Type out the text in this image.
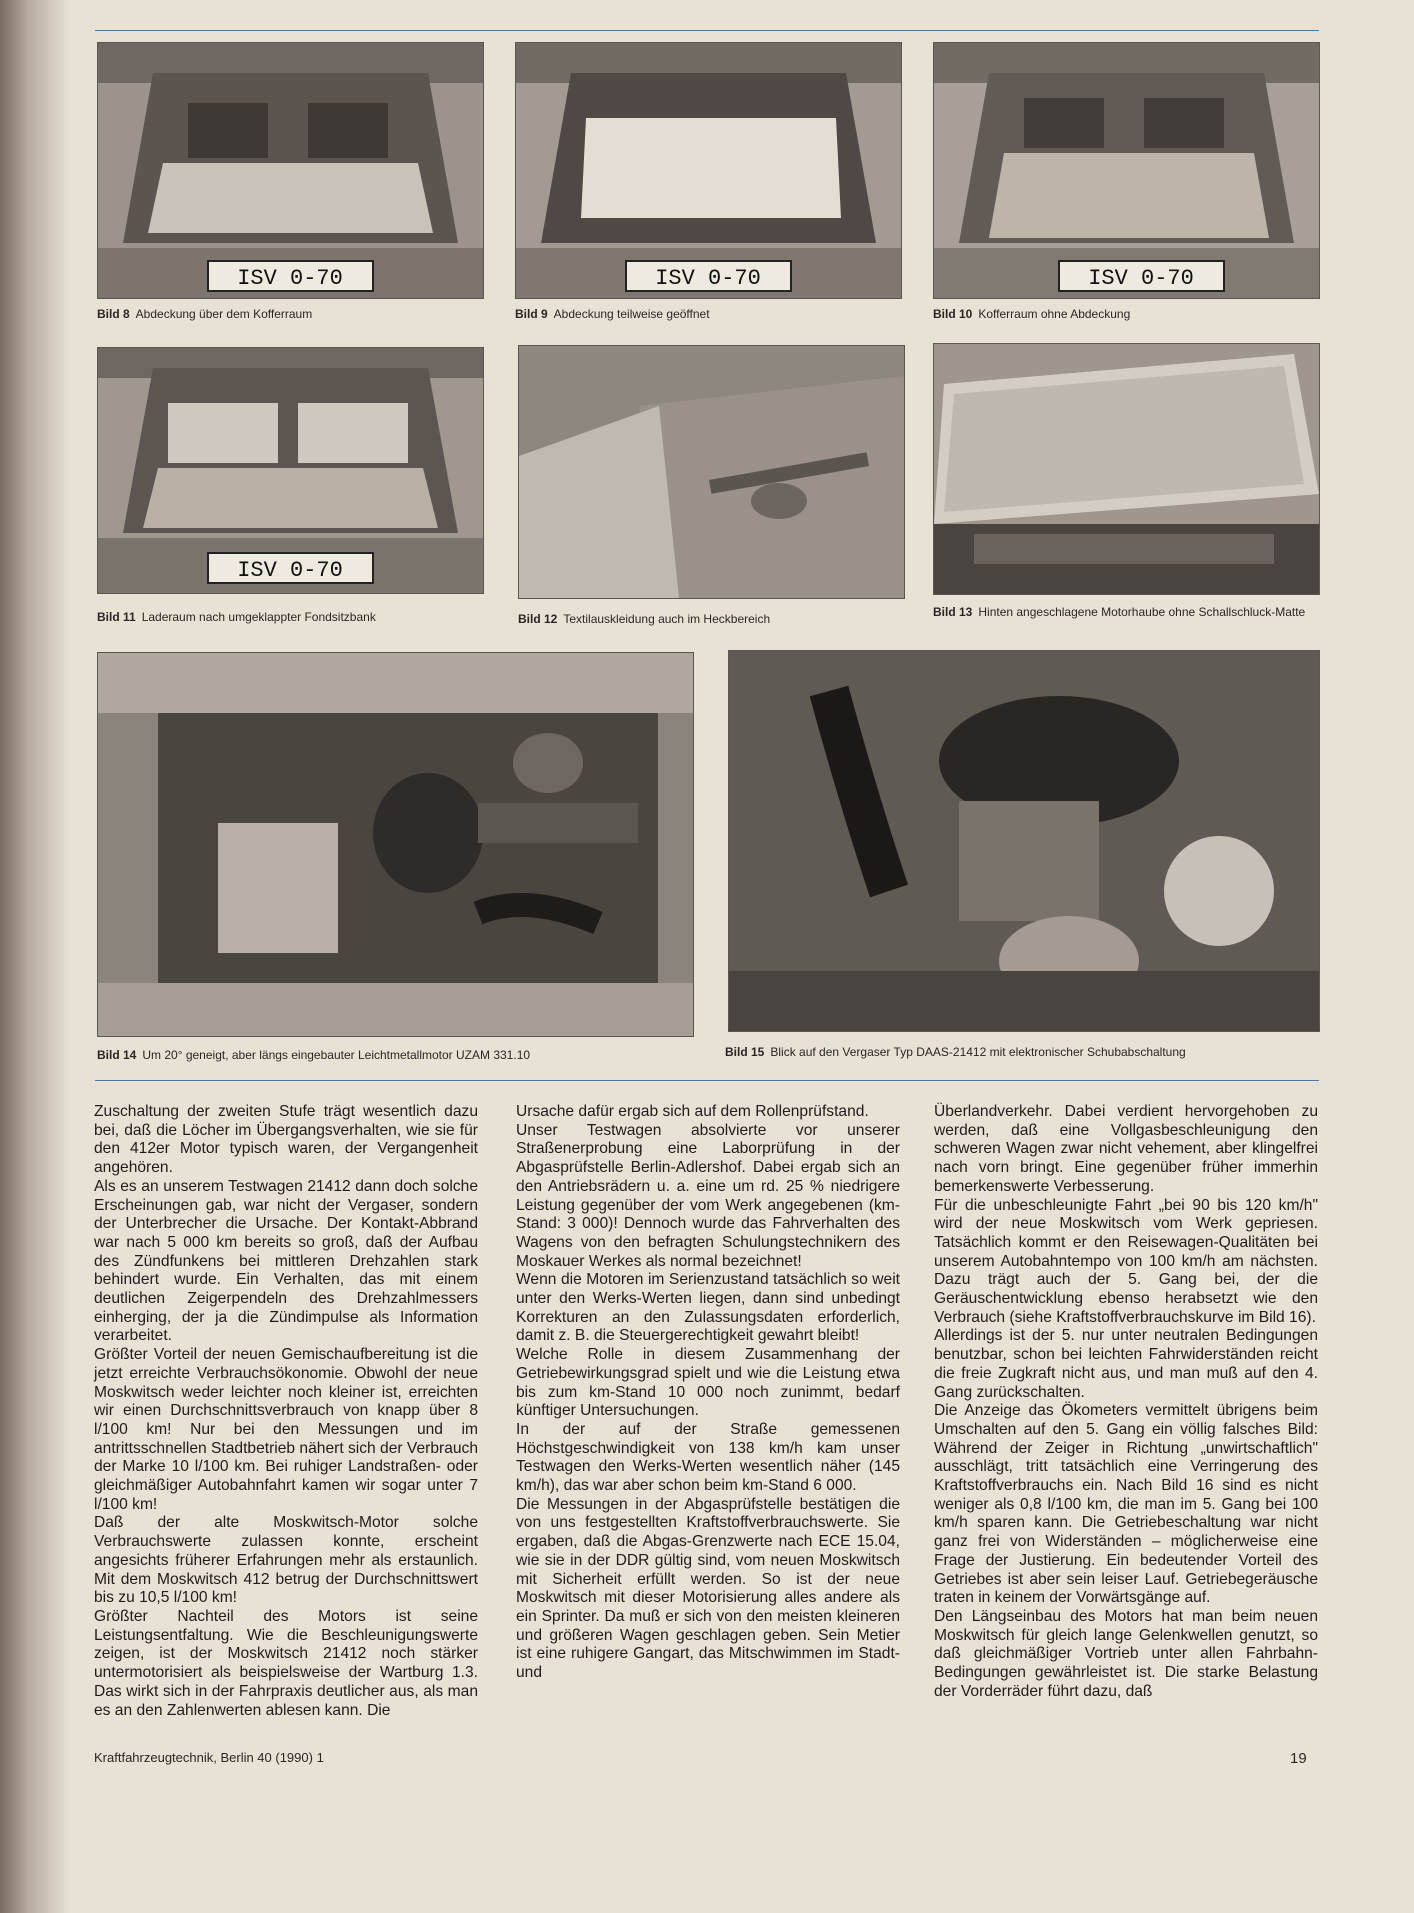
ISV 0-70	ISV 0-70	ISV 0-70
Bild 8 Abdeckung über dem Kofferraum	Bild 9 Abdeckung teilweise geöffnet	Bild 10 Kofferraum ohne Abdeckung
ISV 0-70
Bild 11 Laderaum nach umgeklappter Fondsitzbank	Bild 12 Textilauskleidung auch im Heckbereich	Bild 13 Hinten angeschlagene Motorhaube ohne Schallschluck-Matte
Bild 14 Um 20° geneigt, aber längs eingebauter Leichtmetallmotor UZAM 331.10	Bild 15 Blick auf den Vergaser Typ DAAS-21412 mit elektronischer Schubabschaltung

Zuschaltung der zweiten Stufe trägt wesentlich dazu bei, daß die Löcher im Übergangsverhalten, wie sie für den 412er Motor typisch waren, der Vergangenheit angehören.

Als es an unserem Testwagen 21412 dann doch solche Erscheinungen gab, war nicht der Vergaser, sondern der Unterbrecher die Ursache. Der Kontakt-Abbrand war nach 5 000 km bereits so groß, daß der Aufbau des Zündfunkens bei mittleren Drehzahlen stark behindert wurde. Ein Verhalten, das mit einem deutlichen Zeigerpendeln des Drehzahlmessers einherging, der ja die Zündimpulse als Information verarbeitet.

Größter Vorteil der neuen Gemischaufbereitung ist die jetzt erreichte Verbrauchsökonomie. Obwohl der neue Moskwitsch weder leichter noch kleiner ist, erreichten wir einen Durchschnittsverbrauch von knapp über 8 l/100 km! Nur bei den Messungen und im antrittsschnellen Stadtbetrieb nähert sich der Verbrauch der Marke 10 l/100 km. Bei ruhiger Landstraßen- oder gleichmäßiger Autobahnfahrt kamen wir sogar unter 7 l/100 km!

Daß der alte Moskwitsch-Motor solche Verbrauchswerte zulassen konnte, erscheint angesichts früherer Erfahrungen mehr als erstaunlich. Mit dem Moskwitsch 412 betrug der Durchschnittswert bis zu 10,5 l/100 km!

Größter Nachteil des Motors ist seine Leistungsentfaltung. Wie die Beschleunigungswerte zeigen, ist der Moskwitsch 21412 noch stärker untermotorisiert als beispielsweise der Wartburg 1.3. Das wirkt sich in der Fahrpraxis deutlicher aus, als man es an den Zahlenwerten ablesen kann. Die

Ursache dafür ergab sich auf dem Rollenprüfstand.

Unser Testwagen absolvierte vor unserer Straßenerprobung eine Laborprüfung in der Abgasprüfstelle Berlin-Adlershof. Dabei ergab sich an den Antriebsrädern u. a. eine um rd. 25 % niedrigere Leistung gegenüber der vom Werk angegebenen (km-Stand: 3 000)! Dennoch wurde das Fahrverhalten des Wagens von den befragten Schulungstechnikern des Moskauer Werkes als normal bezeichnet!

Wenn die Motoren im Serienzustand tatsächlich so weit unter den Werks-Werten liegen, dann sind unbedingt Korrekturen an den Zulassungsdaten erforderlich, damit z. B. die Steuergerechtigkeit gewahrt bleibt!

Welche Rolle in diesem Zusammenhang der Getriebewirkungsgrad spielt und wie die Leistung etwa bis zum km-Stand 10 000 noch zunimmt, bedarf künftiger Untersuchungen.

In der auf der Straße gemessenen Höchstgeschwindigkeit von 138 km/h kam unser Testwagen den Werks-Werten wesentlich näher (145 km/h), das war aber schon beim km-Stand 6 000.

Die Messungen in der Abgasprüfstelle bestätigen die von uns festgestellten Kraftstoffverbrauchswerte. Sie ergaben, daß die Abgas-Grenzwerte nach ECE 15.04, wie sie in der DDR gültig sind, vom neuen Moskwitsch mit Sicherheit erfüllt werden. So ist der neue Moskwitsch mit dieser Motorisierung alles andere als ein Sprinter. Da muß er sich von den meisten kleineren und größeren Wagen geschlagen geben. Sein Metier ist eine ruhigere Gangart, das Mitschwimmen im Stadt- und

Überlandverkehr. Dabei verdient hervorgehoben zu werden, daß eine Vollgasbeschleunigung den schweren Wagen zwar nicht vehement, aber klingelfrei nach vorn bringt. Eine gegenüber früher immerhin bemerkenswerte Verbesserung.

Für die unbeschleunigte Fahrt „bei 90 bis 120 km/h" wird der neue Moskwitsch vom Werk gepriesen. Tatsächlich kommt er den Reisewagen-Qualitäten bei unserem Autobahntempo von 100 km/h am nächsten. Dazu trägt auch der 5. Gang bei, der die Geräuschentwicklung ebenso herabsetzt wie den Verbrauch (siehe Kraftstoffverbrauchskurve im Bild 16).

Allerdings ist der 5. nur unter neutralen Bedingungen benutzbar, schon bei leichten Fahrwiderständen reicht die freie Zugkraft nicht aus, und man muß auf den 4. Gang zurückschalten.

Die Anzeige das Ökometers vermittelt übrigens beim Umschalten auf den 5. Gang ein völlig falsches Bild: Während der Zeiger in Richtung „unwirtschaftlich" ausschlägt, tritt tatsächlich eine Verringerung des Kraftstoffverbrauchs ein. Nach Bild 16 sind es nicht weniger als 0,8 l/100 km, die man im 5. Gang bei 100 km/h sparen kann. Die Getriebeschaltung war nicht ganz frei von Widerständen – möglicherweise eine Frage der Justierung. Ein bedeutender Vorteil des Getriebes ist aber sein leiser Lauf. Getriebegeräusche traten in keinem der Vorwärtsgänge auf.

Den Längseinbau des Motors hat man beim neuen Moskwitsch für gleich lange Gelenkwellen genutzt, so daß gleichmäßiger Vortrieb unter allen Fahrbahn-Bedingungen gewährleistet ist. Die starke Belastung der Vorderräder führt dazu, daß

Kraftfahrzeugtechnik, Berlin 40 (1990) 1	19
